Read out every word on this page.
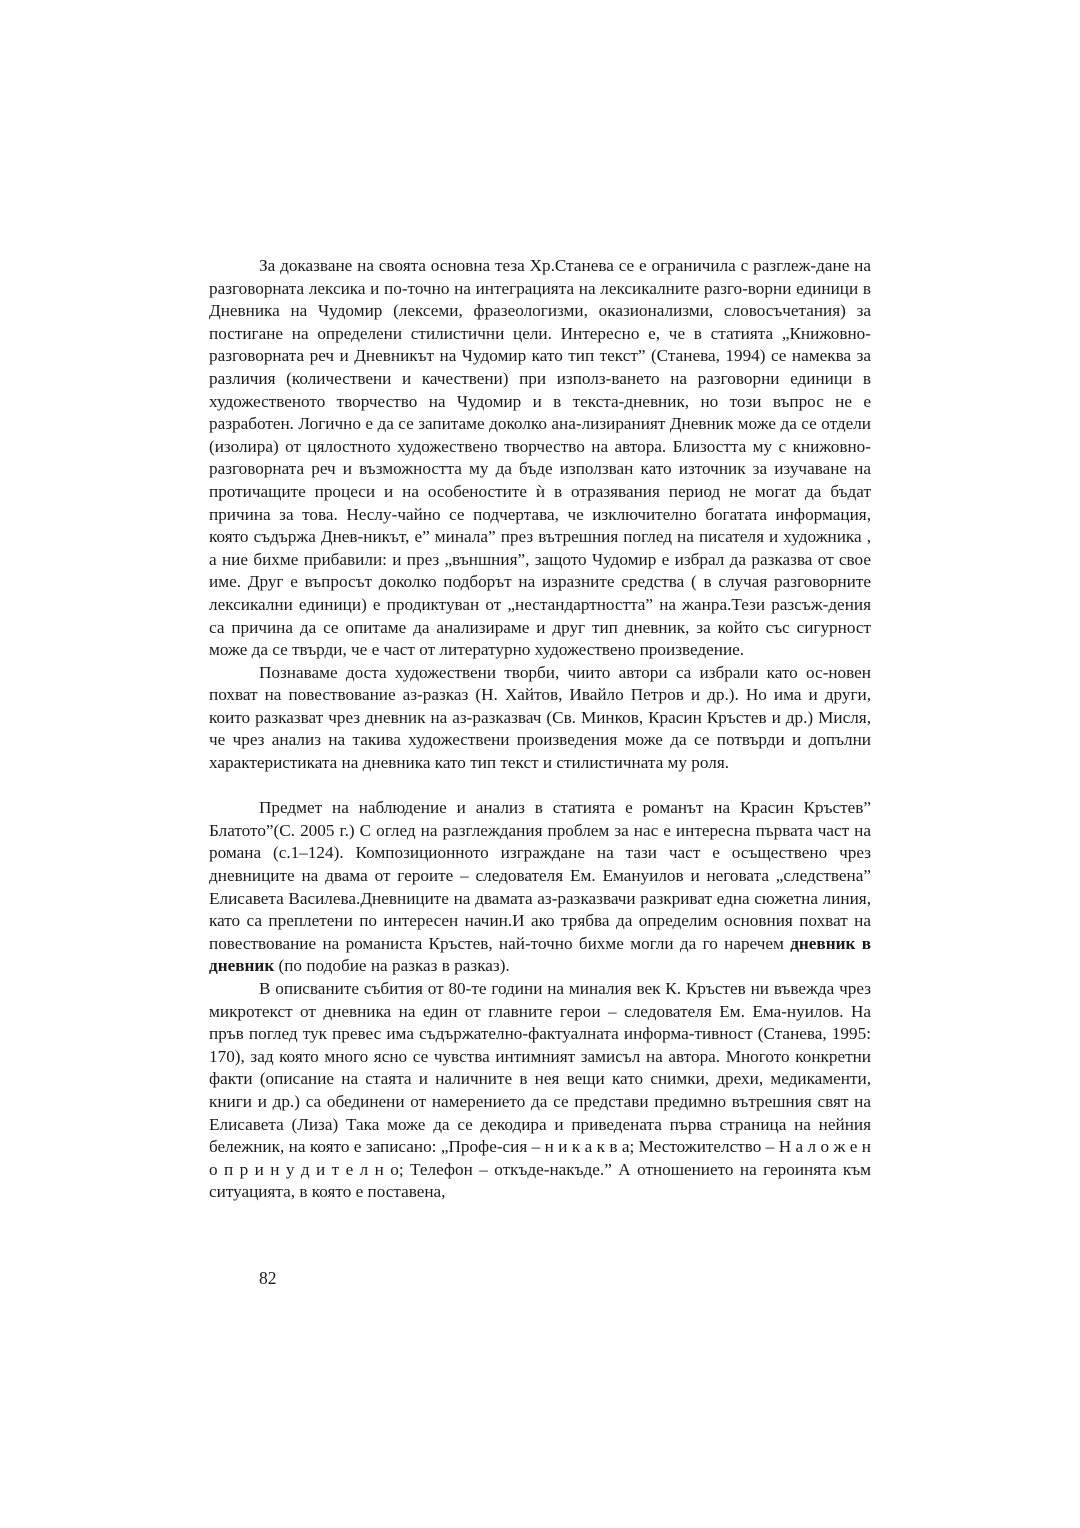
За доказване на своята основна теза Хр.Станева се е ограничила с разглеж-дане на разговорната лексика и по-точно на интеграцията на лексикалните разго-ворни единици в Дневника на Чудомир (лексеми, фразеологизми, оказионализми, словосъчетания) за постигане на определени стилистични цели. Интересно е, че в статията „Книжовно-разговорната реч и Дневникът на Чудомир като тип текст” (Станева, 1994) се намеква за различия (количествени и качествени) при използ-ването на разговорни единици в художественото творчество на Чудомир и в текста-дневник, но този въпрос не е разработен. Логично е да се запитаме доколко ана-лизираният Дневник може да се отдели (изолира) от цялостното художествено творчество на автора. Близостта му с книжовно-разговорната реч и възможността му да бъде използван като източник за изучаване на протичащите процеси и на особеностите ѝ в отразявания период не могат да бъдат причина за това. Неслу-чайно се подчертава, че изключително богатата информация, която съдържа Днев-никът, е” минала” през вътрешния поглед на писателя и художника , а ние бихме прибавили: и през „външния”, защото Чудомир е избрал да разказва от свое име. Друг е въпросът доколко подборът на изразните средства ( в случая разговорните лексикални единици) е продиктуван от „нестандартността” на жанра.Тези разсъж-дения са причина да се опитаме да анализираме и друг тип дневник, за който със сигурност може да се твърди, че е част от литературно художествено произведение.

Познаваме доста художествени творби, чиито автори са избрали като ос-новен похват на повествование аз-разказ (Н. Хайтов, Ивайло Петров и др.). Но има и други, които разказват чрез дневник на аз-разказвач (Св. Минков, Красин Кръстев и др.) Мисля, че чрез анализ на такива художествени произведения може да се потвърди и допълни характеристиката на дневника като тип текст и стилистичната му роля.

Предмет на наблюдение и анализ в статията е романът на Красин Кръстев” Блатото”(С. 2005 г.) С оглед на разглеждания проблем за нас е интересна първата част на романа (с.1–124). Композиционното изграждане на тази част е осъществено чрез дневниците на двама от героите – следователя Ем. Емануилов и неговата „следствена” Елисавета Василева.Дневниците на двамата аз-разказвачи разкриват една сюжетна линия, като са преплетени по интересен начин.И ако трябва да определим основния похват на повествование на романиста Кръстев, най-точно бихме могли да го наречем дневник в дневник (по подобие на разказ в разказ).

В описваните събития от 80-те години на миналия век К. Кръстев ни въвежда чрез микротекст от дневника на един от главните герои – следователя Ем. Ема-нуилов. На пръв поглед тук превес има съдържателно-фактуалната информа-тивност (Станева, 1995: 170), зад която много ясно се чувства интимният замисъл на автора. Многото конкретни факти (описание на стаята и наличните в нея вещи като снимки, дрехи, медикаменти, книги и др.) са обединени от намерението да се представи предимно вътрешния свят на Елисавета (Лиза) Така може да се декодира и приведената първа страница на нейния бележник, на която е записано: „Профе-сия – н и к а к в а; Местожителство – Н а л о ж е н о п р и н у д и т е л н о; Телефон – откъде-накъде.” А отношението на героинята към ситуацията, в която е поставена,

82
